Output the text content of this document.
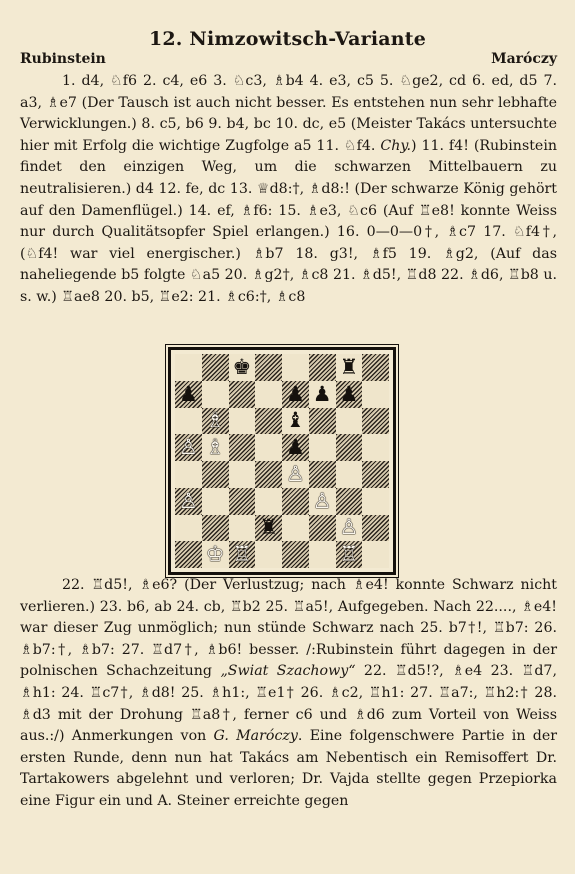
12. Nimzowitsch-Variante
Rubinstein	Maróczy

1. d4, ♘f6 2. c4, e6 3. ♘c3, ♗b4 4. e3, c5 5. ♘ge2, cd 6. ed, d5 7. a3, ♗e7 (Der Tausch ist auch nicht besser. Es entstehen nun sehr lebhafte Verwicklungen.) 8. c5, b6 9. b4, bc 10. dc, e5 (Meister Takács untersuchte hier mit Erfolg die wichtige Zugfolge a5 11. ♘f4. Chy.) 11. f4! (Rubinstein findet den einzigen Weg, um die schwarzen Mittelbauern zu neutralisieren.) d4 12. fe, dc 13. ♕d8:†, ♗d8:! (Der schwarze König gehört auf den Damenflügel.) 14. ef, ♗f6: 15. ♗e3, ♘c6 (Auf ♖e8! konnte Weiss nur durch Qualitätsopfer Spiel erlangen.) 16. 0—0—0†, ♗c7 17. ♘f4†, (♘f4! war viel energischer.) ♗b7 18. g3!, ♗f5 19. ♗g2, (Auf das naheliegende b5 folgte ♘a5 20. ♗g2†, ♗c8 21. ♗d5!, ♖d8 22. ♗d6, ♖b8 u. s. w.) ♖ae8 20. b5, ♖e2: 21. ♗c6:†, ♗c8

♚	♜
♟	♟ ♟ ♟
♗	♝
♙ ♗	♟
♙
♙	♙
♜	♙
♔ ♖	♖

22. ♖d5!, ♗e6? (Der Verlustzug; nach ♗e4! konnte Schwarz nicht verlieren.) 23. b6, ab 24. cb, ♖b2 25. ♖a5!, Aufgegeben. Nach 22...., ♗e4! war dieser Zug unmöglich; nun stünde Schwarz nach 25. b7†!, ♖b7: 26. ♗b7:†, ♗b7: 27. ♖d7†, ♗b6! besser. /:Rubinstein führt dagegen in der polnischen Schachzeitung „Swiat Szachowy“ 22. ♖d5!?, ♗e4 23. ♖d7, ♗h1: 24. ♖c7†, ♗d8! 25. ♗h1:, ♖e1† 26. ♗c2, ♖h1: 27. ♖a7:, ♖h2:† 28. ♗d3 mit der Drohung ♖a8†, ferner c6 und ♗d6 zum Vorteil von Weiss aus.:/) Anmerkungen von G. Maróczy. Eine folgenschwere Partie in der ersten Runde, denn nun hat Takács am Nebentisch ein Remisoffert Dr. Tartakowers abgelehnt und verloren; Dr. Vajda stellte gegen Przepiorka eine Figur ein und A. Steiner erreichte gegen
